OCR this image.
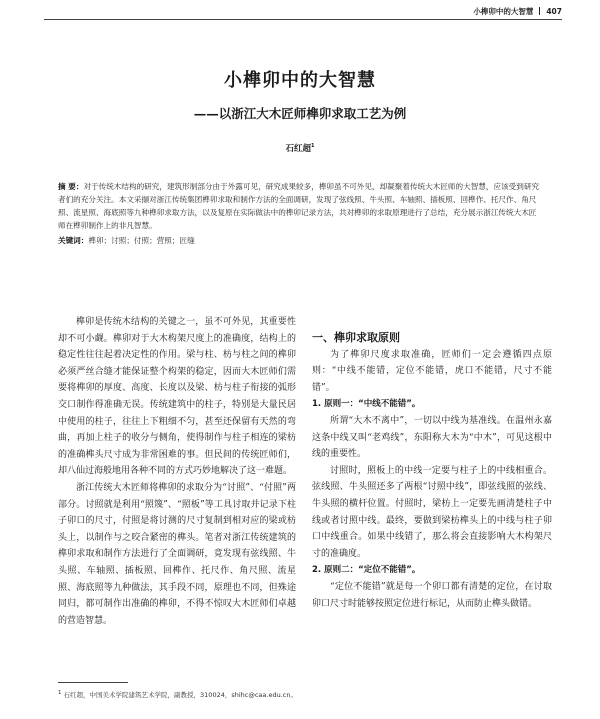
小榫卯中的大智慧 407
小榫卯中的大智慧
——以浙江大木匠师榫卯求取工艺为例
石红超$^1$

摘 要：对于传统木结构的研究，建筑形制部分由于外露可见，研究成果较多，榫卯虽不可外见，却凝聚着传统大木匠师的大智慧，应该受到研究者们的充分关注。本文采撷对浙江传统集团榫卯求取和制作方法的全面调研，发现了弦线照、牛头照、车轴照、插板照、回榫作、托尺作、角尺照、流星照、海底照等九种榫卯求取方法，以及复原在实际做法中的榫卯记录方法，共对榫卯的求取原理进行了总结，充分展示浙江传统大木匠师在榫卯制作上的非凡智慧。

关键词：榫卯；讨照；付照；营照；匠缝

榫卯是传统木结构的关键之一，虽不可外见，其重要性却不可小觑。榫卯对于大木构架尺度上的准确度，结构上的稳定性往往起着决定性的作用。梁与柱、枋与柱之间的榫卯必须严丝合缝才能保证整个构架的稳定，因而大木匠师们需要将榫卯的厚度、高度、长度以及梁、枋与柱子衔接的弧形交口制作得准确无误。传统建筑中的柱子，特别是大量民居中使用的柱子，往往上下粗细不匀，甚至还保留有天然的弯曲，再加上柱子的收分与侧角，使得制作与柱子相连的梁枋的准确榫头尺寸成为非常困难的事。但民间的传统匠师们，却八仙过海般地用各种不同的方式巧妙地解决了这一难题。

浙江传统大木匠师将榫卯的求取分为“讨照”、“付照”两部分。讨照就是利用“照篾”、“照板”等工具讨取并记录下柱子卯口的尺寸，付照是将讨测的尺寸复制到相对应的梁或枋头上，以制作与之咬合紧密的榫头。笔者对浙江传统建筑的榫卯求取和制作方法进行了全面调研，竟发现有弦线照、牛头照、车轴照、插板照、回榫作、托尺作、角尺照、流星照、海底照等九种做法，其手段不同，原理也不同，但殊途同归，都可制作出准确的榫卯，不得不惊叹大木匠师们卓越的营造智慧。

一、榫卯求取原则

为了榫卯尺度求取准确，匠师们一定会遵循四点原则：“中线不能错，定位不能错，虎口不能错，尺寸不能错”。

1. 原则一：“中线不能错”。

所谓“大木不离中”，一切以中线为基准线。在温州永嘉这条中线又叫“老鸡线”，东阳称大木为“中木”，可见这根中线的重要性。

讨照时，照板上的中线一定要与柱子上的中线相重合。弦线照、牛头照还多了两根“讨照中线”，即弦线照的弦线、牛头照的横杆位置。付照时，梁枋上一定要先画清楚柱子中线或者讨照中线。最终，要做到梁枋榫头上的中线与柱子卯口中线重合。如果中线错了，那么将会直接影响大木构架尺寸的准确度。

2. 原则二：“定位不能错”。

“定位不能错”就是每一个卯口都有清楚的定位，在讨取卯口尺寸时能够按照定位进行标记，从而防止榫头做错。

$^1$ 石红超，中国美术学院建筑艺术学院，副教授，310024，shihc@caa.edu.cn。
